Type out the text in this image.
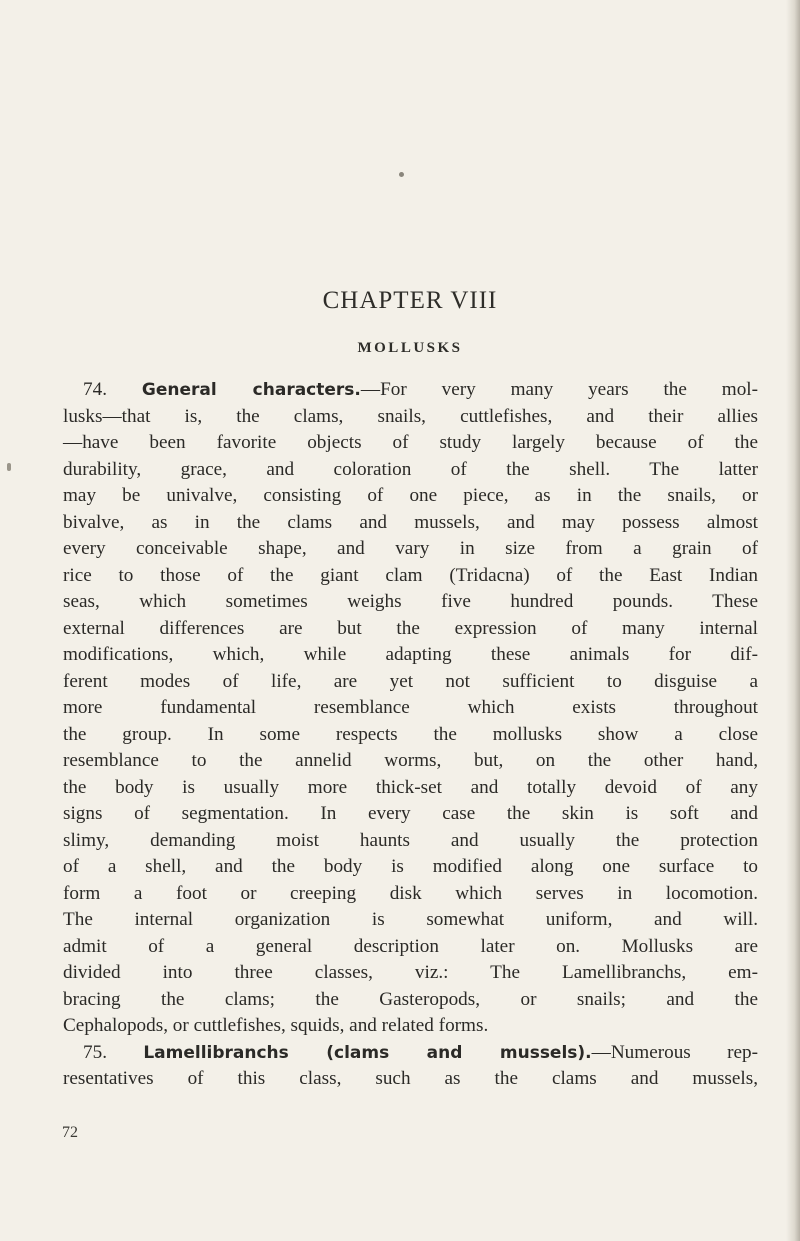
CHAPTER VIII
MOLLUSKS
74. General characters.—For very many years the mol-
lusks—that is, the clams, snails, cuttlefishes, and their allies
—have been favorite objects of study largely because of the
durability, grace, and coloration of the shell. The latter
may be univalve, consisting of one piece, as in the snails, or
bivalve, as in the clams and mussels, and may possess almost
every conceivable shape, and vary in size from a grain of
rice to those of the giant clam (Tridacna) of the East Indian
seas, which sometimes weighs five hundred pounds. These
external differences are but the expression of many internal
modifications, which, while adapting these animals for dif-
ferent modes of life, are yet not sufficient to disguise a
more fundamental resemblance which exists throughout
the group. In some respects the mollusks show a close
resemblance to the annelid worms, but, on the other hand,
the body is usually more thick-set and totally devoid of any
signs of segmentation. In every case the skin is soft and
slimy, demanding moist haunts and usually the protection
of a shell, and the body is modified along one surface to
form a foot or creeping disk which serves in locomotion.
The internal organization is somewhat uniform, and will.
admit of a general description later on. Mollusks are
divided into three classes, viz.: The Lamellibranchs, em-
bracing the clams; the Gasteropods, or snails; and the
Cephalopods, or cuttlefishes, squids, and related forms.
75. Lamellibranchs (clams and mussels).—Numerous rep-
resentatives of this class, such as the clams and mussels,
72
